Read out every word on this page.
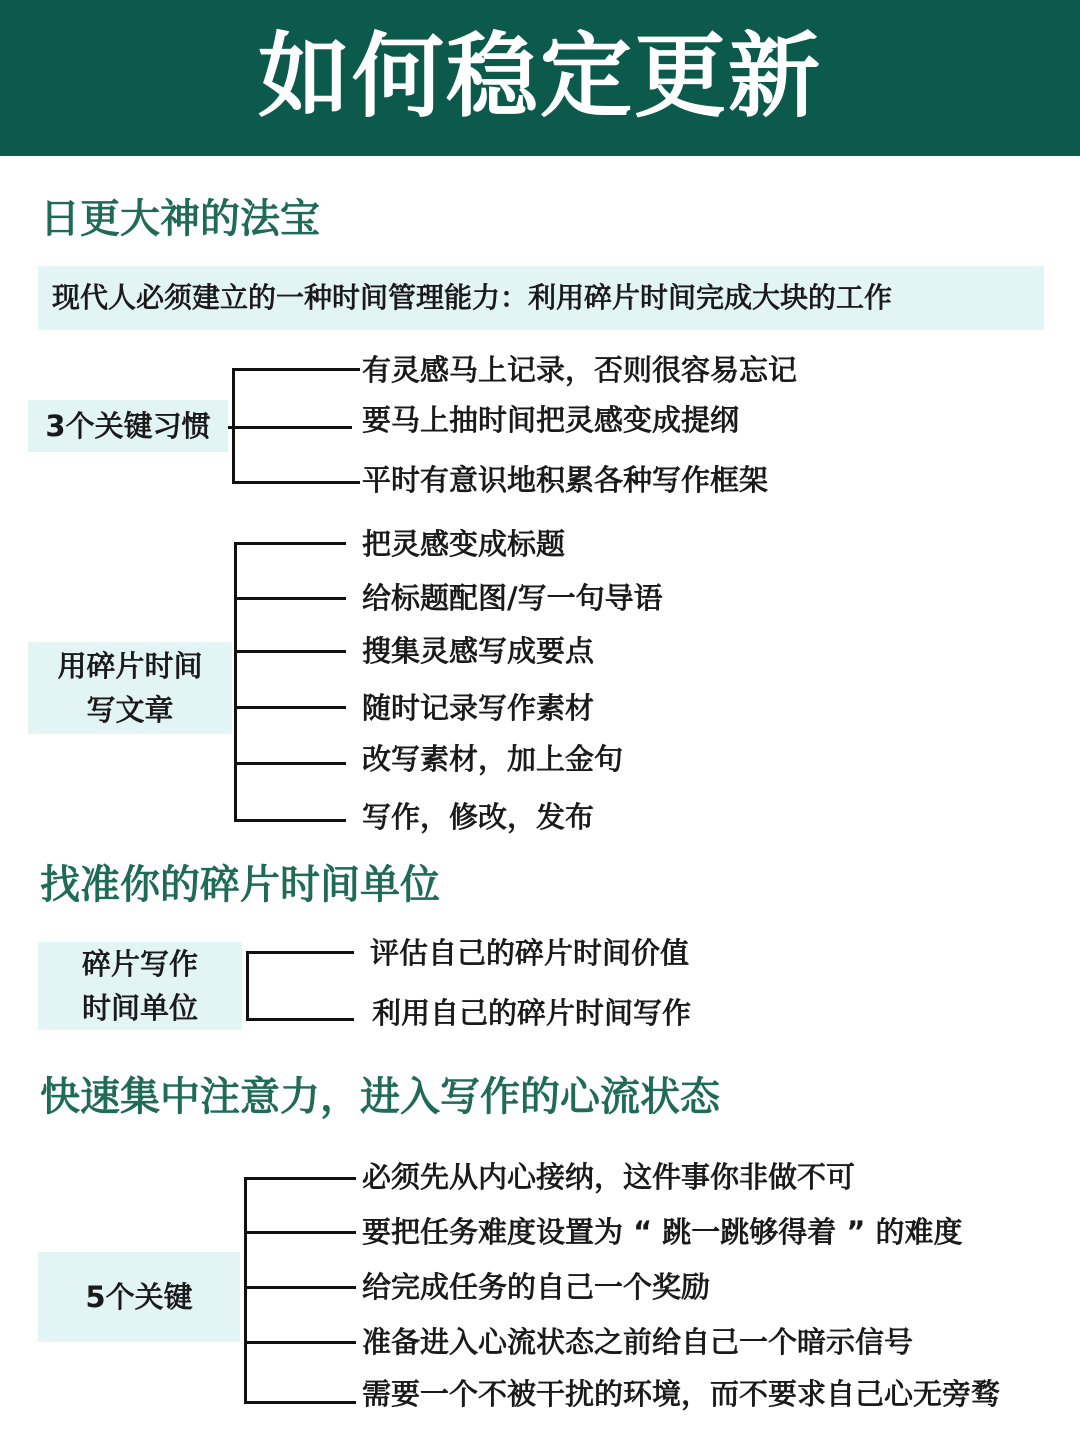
如何稳定更新
日更大神的法宝
现代人必须建立的一种时间管理能力：利用碎片时间完成大块的工作
3个关键习惯
有灵感马上记录，否则很容易忘记
要马上抽时间把灵感变成提纲
平时有意识地积累各种写作框架
用碎片时间
写文章
把灵感变成标题
给标题配图/写一句导语
搜集灵感写成要点
随时记录写作素材
改写素材，加上金句
写作，修改，发布
找准你的碎片时间单位
碎片写作
时间单位
评估自己的碎片时间价值
利用自己的碎片时间写作
快速集中注意力，进入写作的心流状态
5个关键
必须先从内心接纳，这件事你非做不可
要把任务难度设置为 “ 跳一跳够得着 ” 的难度
给完成任务的自己一个奖励
准备进入心流状态之前给自己一个暗示信号
需要一个不被干扰的环境，而不要求自己心无旁骛
小红书
